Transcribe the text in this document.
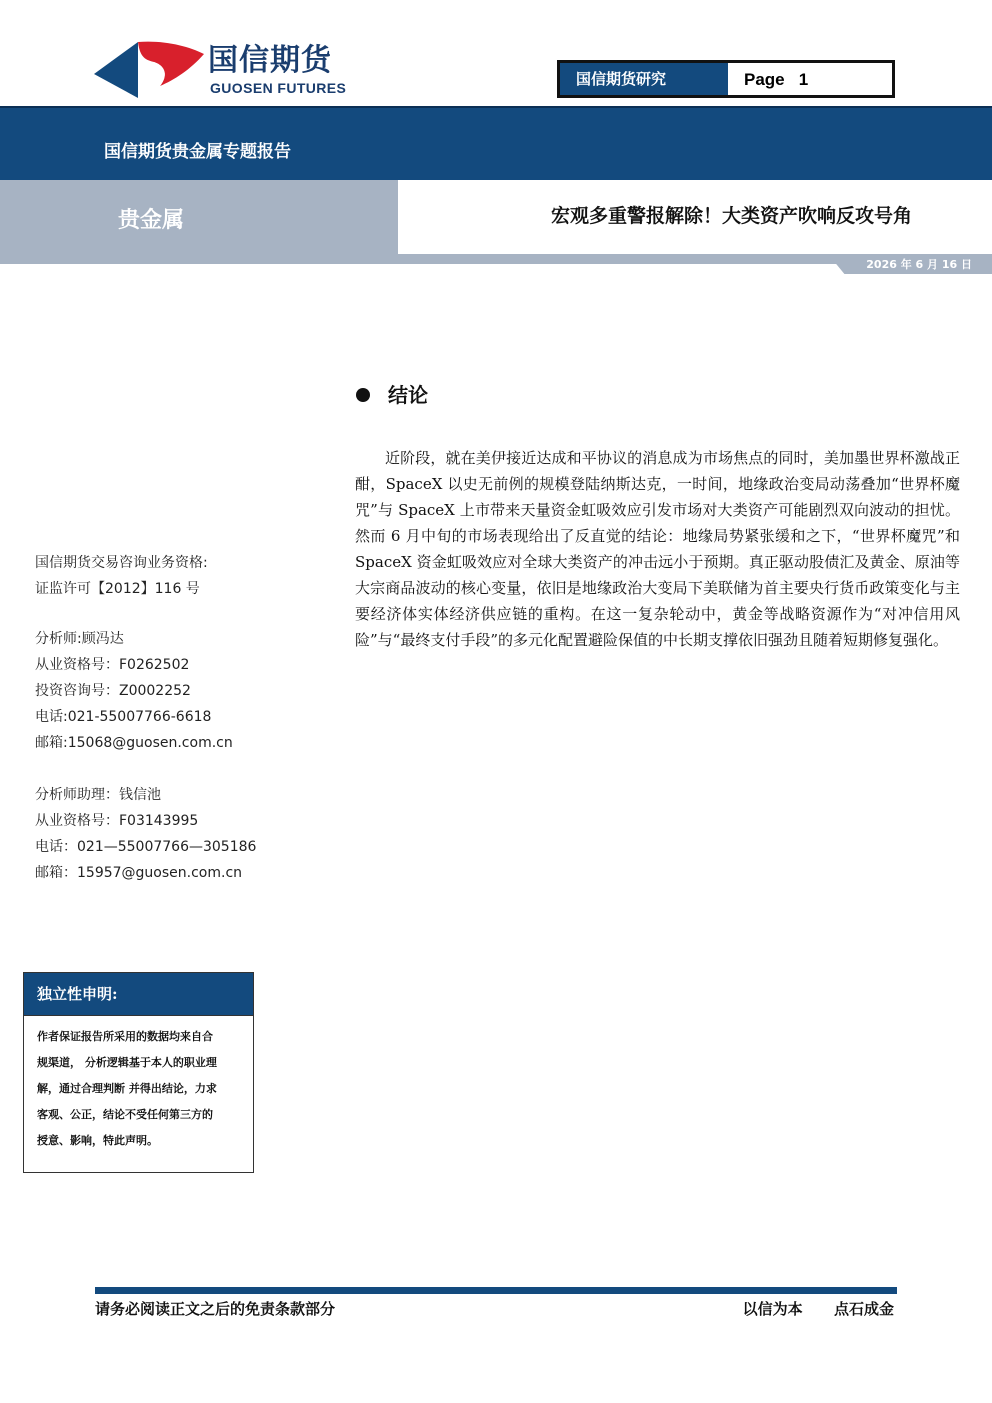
国信期货
GUOSEN FUTURES	国信期货研究	Page   1
国信期货贵金属专题报告
贵金属	宏观多重警报解除！大类资产吹响反攻号角
2026 年 6 月 16 日

国信期货交易咨询业务资格:

证监许可【2012】116 号

分析师:顾冯达

从业资格号：F0262502

投资咨询号：Z0002252

电话:021-55007766-6618

邮箱:15068@guosen.com.cn

分析师助理：钱信池

从业资格号：F03143995

电话：021—55007766—305186

邮箱：15957@guosen.com.cn

独立性申明:
作者保证报告所采用的数据均来自合
规渠道， 分析逻辑基于本人的职业理
解，通过合理判断 并得出结论，力求
客观、公正，结论不受任何第三方的
授意、影响，特此声明。
结论
近阶段，就在美伊接近达成和平协议的消息成为市场焦点的同时，美加墨世界杯激战正酣，SpaceX 以史无前例的规模登陆纳斯达克，一时间，地缘政治变局动荡叠加“世界杯魔咒”与 SpaceX 上市带来天量资金虹吸效应引发市场对大类资产可能剧烈双向波动的担忧。然而 6 月中旬的市场表现给出了反直觉的结论：地缘局势紧张缓和之下，“世界杯魔咒”和 SpaceX 资金虹吸效应对全球大类资产的冲击远小于预期。真正驱动股债汇及黄金、原油等大宗商品波动的核心变量，依旧是地缘政治大变局下美联储为首主要央行货币政策变化与主要经济体实体经济供应链的重构。在这一复杂轮动中，黄金等战略资源作为“对冲信用风险”与“最终支付手段”的多元化配置避险保值的中长期支撑依旧强劲且随着短期修复强化。
请务必阅读正文之后的免责条款部分	以信为本      点石成金
